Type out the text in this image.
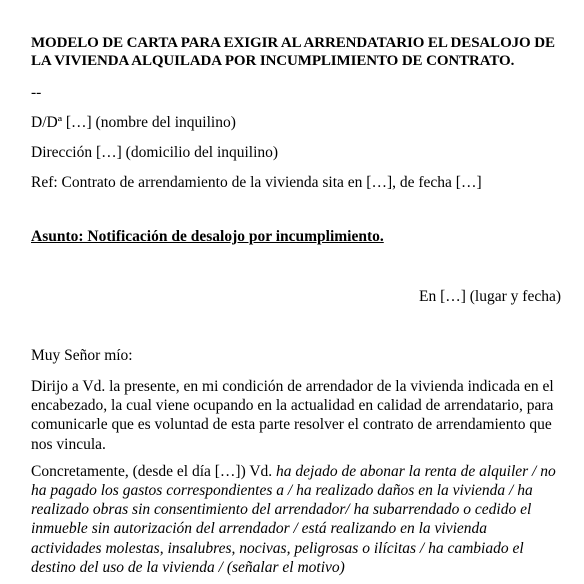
MODELO DE CARTA PARA EXIGIR AL ARRENDATARIO EL DESALOJO DE LA VIVIENDA ALQUILADA POR INCUMPLIMIENTO DE CONTRATO.

--

D/Dª […] (nombre del inquilino)

Dirección […] (domicilio del inquilino)

Ref: Contrato de arrendamiento de la vivienda sita en […], de fecha […]

Asunto: Notificación de desalojo por incumplimiento.

En […] (lugar y fecha)

Muy Señor mío:

Dirijo a Vd. la presente, en mi condición de arrendador de la vivienda indicada en el encabezado, la cual viene ocupando en la actualidad en calidad de arrendatario, para comunicarle que es voluntad de esta parte resolver el contrato de arrendamiento que nos vincula.

Concretamente, (desde el día […]) Vd. ha dejado de abonar la renta de alquiler / no ha pagado los gastos correspondientes a / ha realizado daños en la vivienda / ha realizado obras sin consentimiento del arrendador/ ha subarrendado o cedido el inmueble sin autorización del arrendador / está realizando en la vivienda actividades molestas, insalubres, nocivas, peligrosas o ilícitas / ha cambiado el destino del uso de la vivienda / (señalar el motivo)
